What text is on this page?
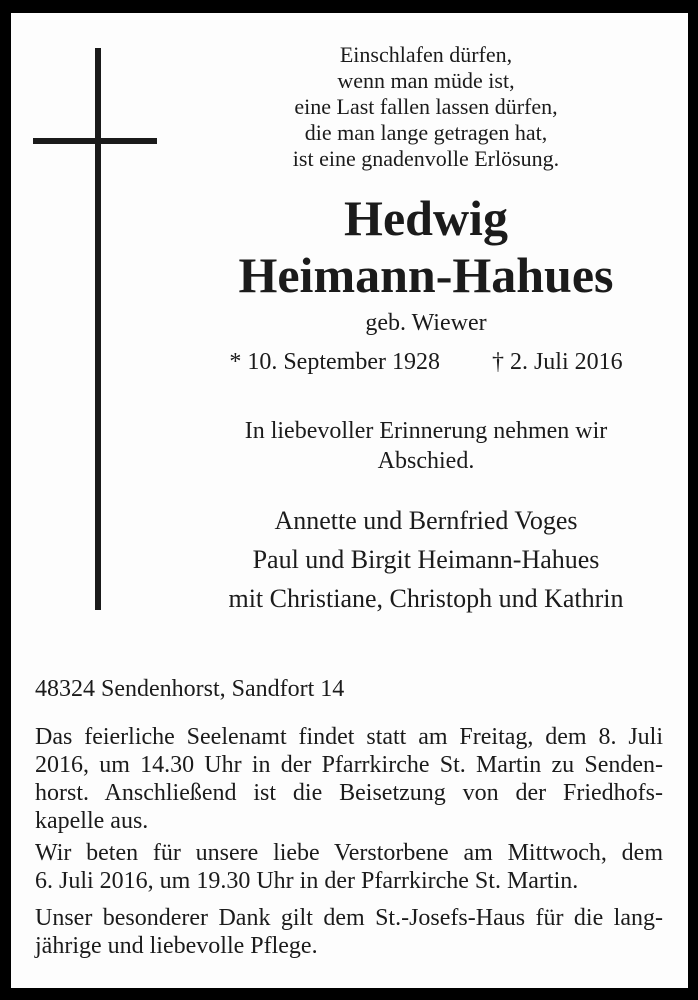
Einschlafen dürfen,
wenn man müde ist,
eine Last fallen lassen dürfen,
die man lange getragen hat,
ist eine gnadenvolle Erlösung.
Hedwig
Heimann-Hahues
geb. Wiewer
* 10. September 1928 † 2. Juli 2016
In liebevoller Erinnerung nehmen wir
Abschied.
Annette und Bernfried Voges
Paul und Birgit Heimann-Hahues
mit Christiane, Christoph und Kathrin
48324 Sendenhorst, Sandfort 14
Das feierliche Seelenamt findet statt am Freitag, dem 8. Juli
2016, um 14.30 Uhr in der Pfarrkirche St. Martin zu Senden-
horst. Anschließend ist die Beisetzung von der Friedhofs-
kapelle aus.
Wir beten für unsere liebe Verstorbene am Mittwoch, dem
6. Juli 2016, um 19.30 Uhr in der Pfarrkirche St. Martin.
Unser besonderer Dank gilt dem St.-Josefs-Haus für die lang-
jährige und liebevolle Pflege.
